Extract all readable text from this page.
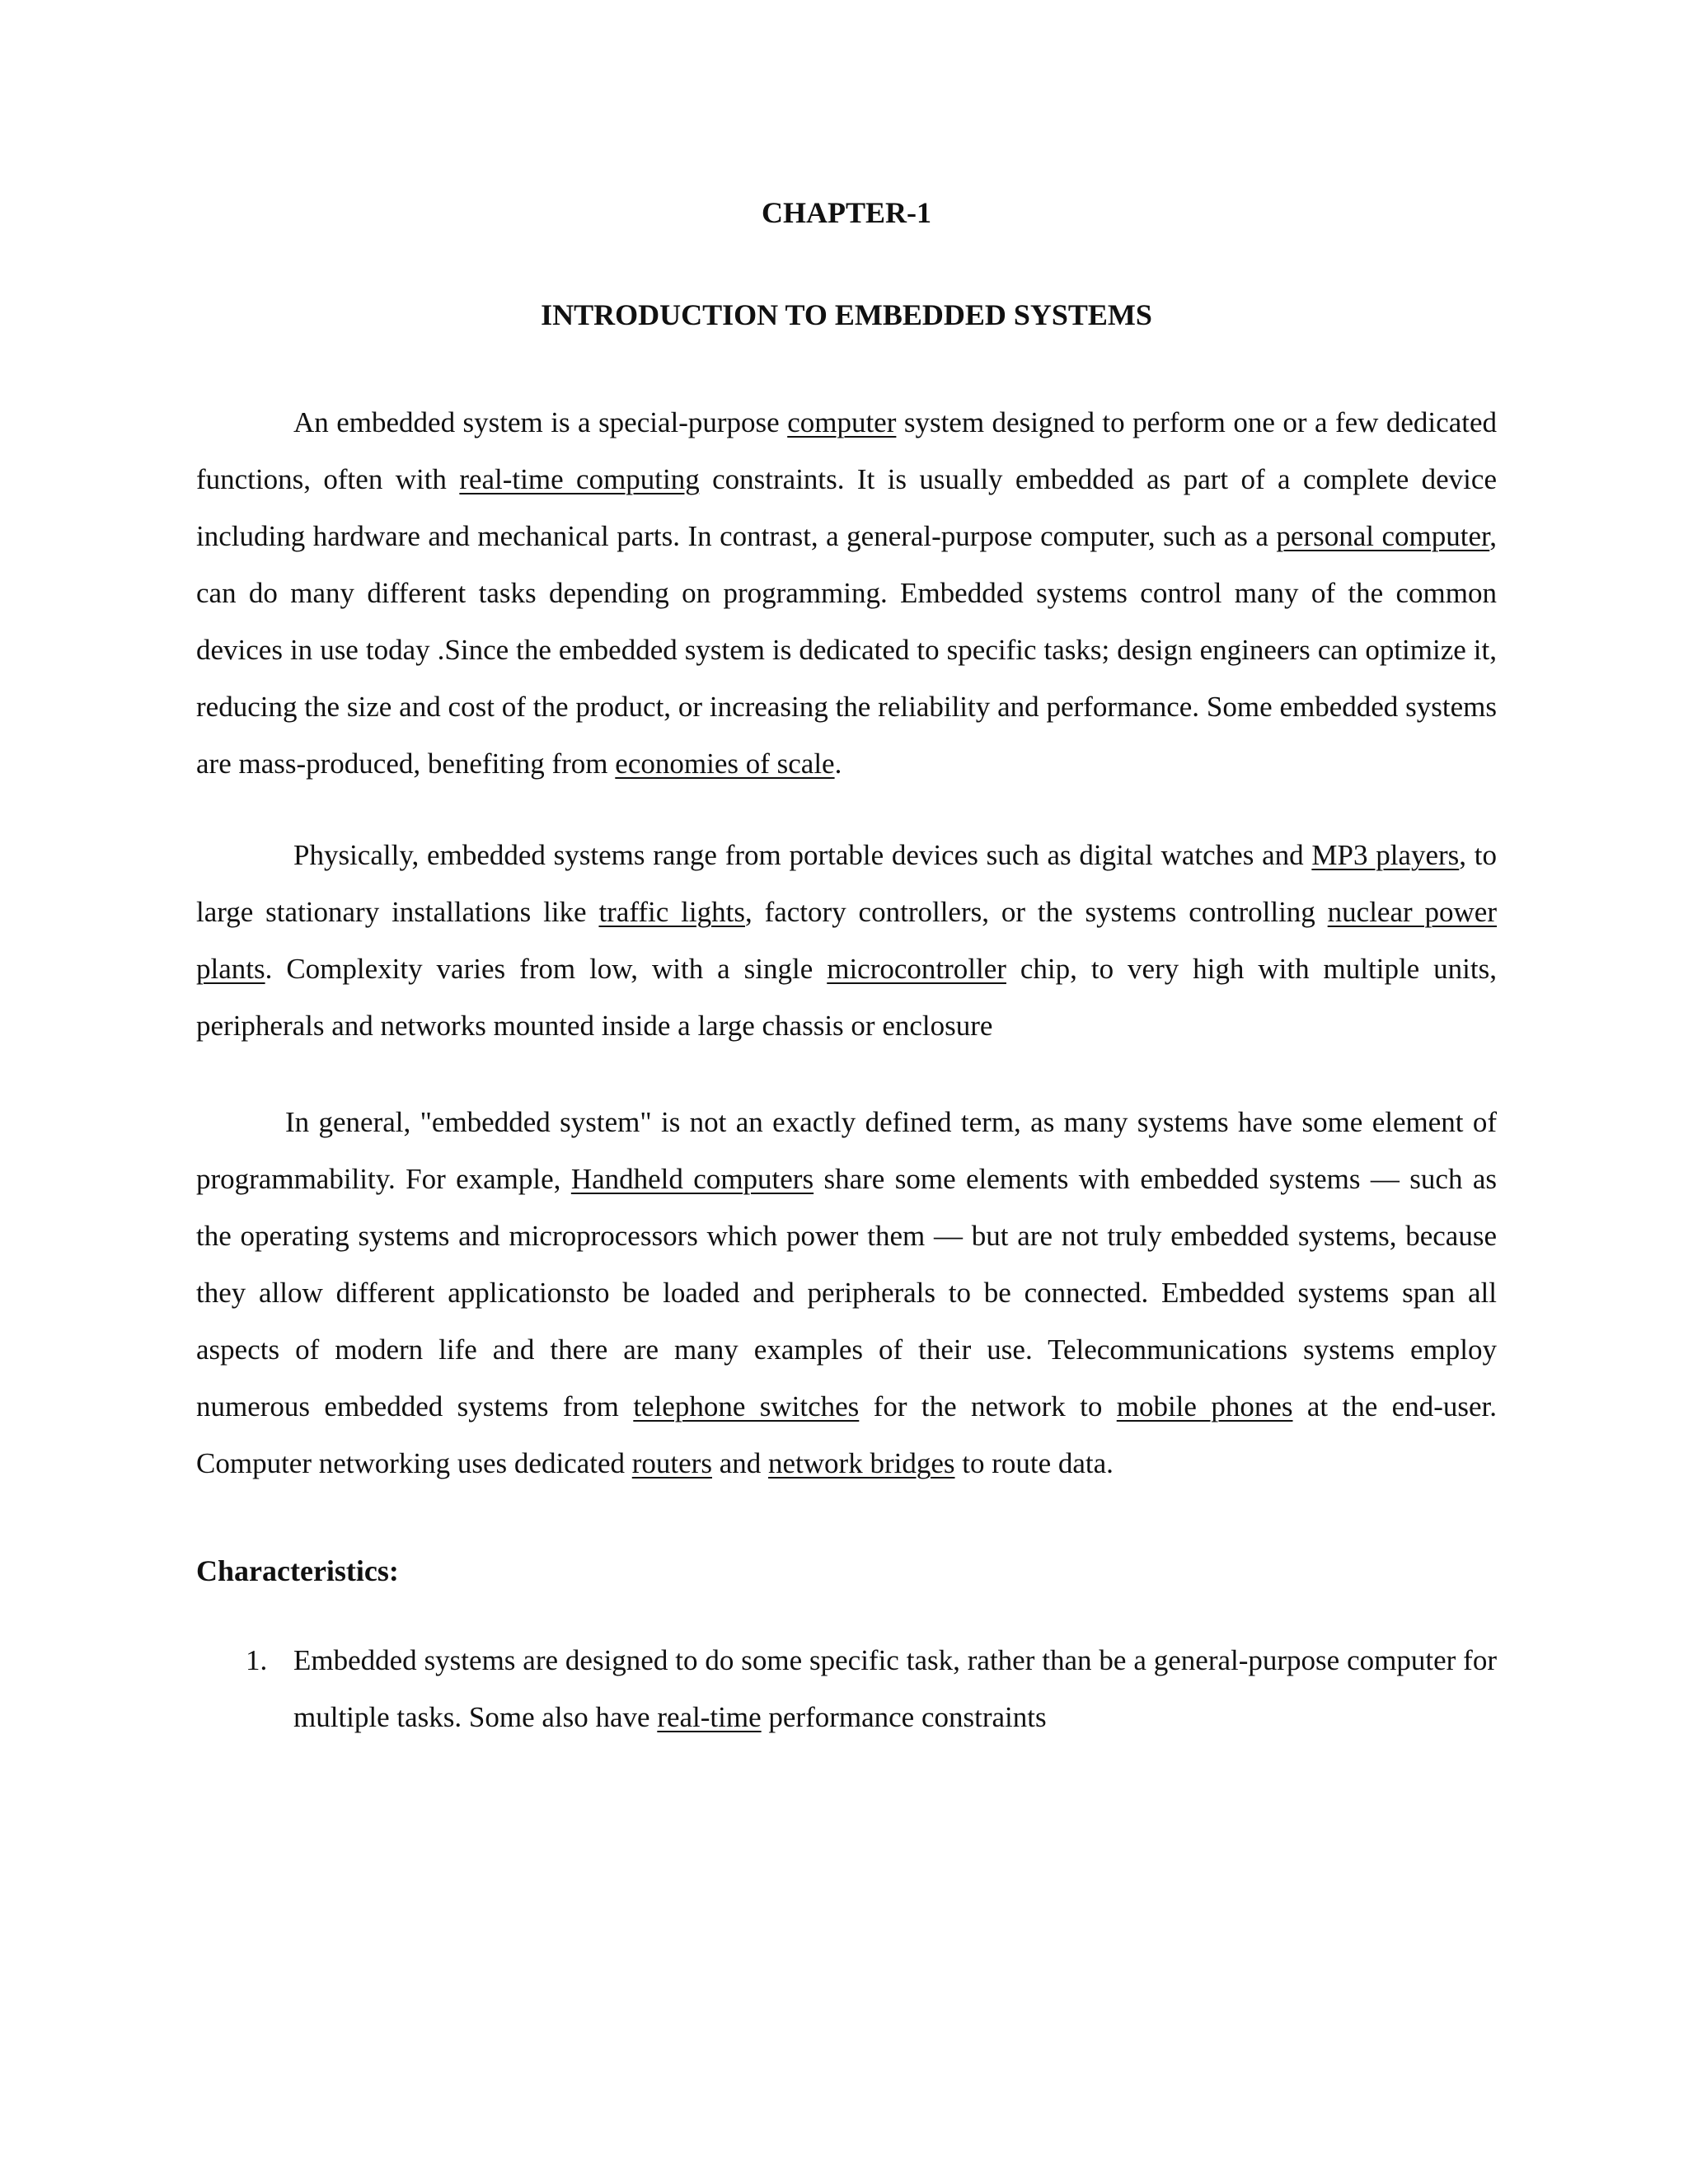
CHAPTER-1
INTRODUCTION TO EMBEDDED SYSTEMS

An embedded system is a special-purpose computer system designed to perform one or a few dedicated functions, often with real-time computing constraints. It is usually embedded as part of a complete device including hardware and mechanical parts. In contrast, a general-purpose computer, such as a personal computer, can do many different tasks depending on programming. Embedded systems control many of the common devices in use today .Since the embedded system is dedicated to specific tasks; design engineers can optimize it, reducing the size and cost of the product, or increasing the reliability and performance. Some embedded systems are mass-produced, benefiting from economies of scale.

Physically, embedded systems range from portable devices such as digital watches and MP3 players, to large stationary installations like traffic lights, factory controllers, or the systems controlling nuclear power plants. Complexity varies from low, with a single microcontroller chip, to very high with multiple units, peripherals and networks mounted inside a large chassis or enclosure

In general, "embedded system" is not an exactly defined term, as many systems have some element of programmability. For example, Handheld computers share some elements with embedded systems — such as the operating systems and microprocessors which power them — but are not truly embedded systems, because they allow different applicationsto be loaded and peripherals to be connected. Embedded systems span all aspects of modern life and there are many examples of their use. Telecommunications systems employ numerous embedded systems from telephone switches for the network to mobile phones at the end-user. Computer networking uses dedicated routers and network bridges to route data.

Characteristics:
1. Embedded systems are designed to do some specific task, rather than be a general-purpose computer for multiple tasks. Some also have real-time performance constraints
